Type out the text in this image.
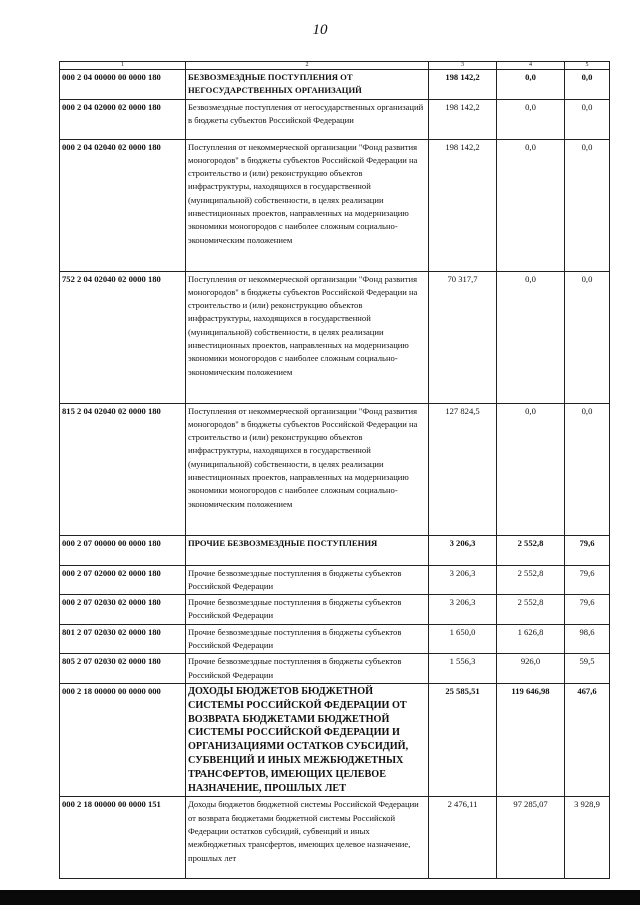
10
1	2	3	4	5
000 2 04 00000 00 0000 180	БЕЗВОЗМЕЗДНЫЕ ПОСТУПЛЕНИЯ ОТ НЕГОСУДАРСТВЕННЫХ ОРГАНИЗАЦИЙ	198 142,2	0,0	0,0
000 2 04 02000 02 0000 180	Безвозмездные поступления от негосударственных организаций в бюджеты субъектов Российской Федерации	198 142,2	0,0	0,0
000 2 04 02040 02 0000 180	Поступления от некоммерческой организации "Фонд развития моногородов" в бюджеты субъектов Российской Федерации на строительство и (или) реконструкцию объектов инфраструктуры, находящихся в государственной (муниципальной) собственности, в целях реализации инвестиционных проектов, направленных на модернизацию экономики моногородов с наиболее сложным социально-экономическим положением	198 142,2	0,0	0,0
752 2 04 02040 02 0000 180	Поступления от некоммерческой организации "Фонд развития моногородов" в бюджеты субъектов Российской Федерации на строительство и (или) реконструкцию объектов инфраструктуры, находящихся в государственной (муниципальной) собственности, в целях реализации инвестиционных проектов, направленных на модернизацию экономики моногородов с наиболее сложным социально-экономическим положением	70 317,7	0,0	0,0
815 2 04 02040 02 0000 180	Поступления от некоммерческой организации "Фонд развития моногородов" в бюджеты субъектов Российской Федерации на строительство и (или) реконструкцию объектов инфраструктуры, находящихся в государственной (муниципальной) собственности, в целях реализации инвестиционных проектов, направленных на модернизацию экономики моногородов с наиболее сложным социально-экономическим положением	127 824,5	0,0	0,0
000 2 07 00000 00 0000 180	ПРОЧИЕ БЕЗВОЗМЕЗДНЫЕ ПОСТУПЛЕНИЯ	3 206,3	2 552,8	79,6
000 2 07 02000 02 0000 180	Прочие безвозмездные поступления в бюджеты субъектов Российской Федерации	3 206,3	2 552,8	79,6
000 2 07 02030 02 0000 180	Прочие безвозмездные поступления в бюджеты субъектов Российской Федерации	3 206,3	2 552,8	79,6
801 2 07 02030 02 0000 180	Прочие безвозмездные поступления в бюджеты субъектов Российской Федерации	1 650,0	1 626,8	98,6
805 2 07 02030 02 0000 180	Прочие безвозмездные поступления в бюджеты субъектов Российской Федерации	1 556,3	926,0	59,5
000 2 18 00000 00 0000 000	ДОХОДЫ БЮДЖЕТОВ БЮДЖЕТНОЙ СИСТЕМЫ РОССИЙСКОЙ ФЕДЕРАЦИИ ОТ ВОЗВРАТА БЮДЖЕТАМИ БЮДЖЕТНОЙ СИСТЕМЫ РОССИЙСКОЙ ФЕДЕРАЦИИ И ОРГАНИЗАЦИЯМИ ОСТАТКОВ СУБСИДИЙ, СУБВЕНЦИЙ И ИНЫХ МЕЖБЮДЖЕТНЫХ ТРАНСФЕРТОВ, ИМЕЮЩИХ ЦЕЛЕВОЕ НАЗНАЧЕНИЕ, ПРОШЛЫХ ЛЕТ	25 585,51	119 646,98	467,6
000 2 18 00000 00 0000 151	Доходы бюджетов бюджетной системы Российской Федерации от возврата бюджетами бюджетной системы Российской Федерации остатков субсидий, субвенций и иных межбюджетных трансфертов, имеющих целевое назначение, прошлых лет	2 476,11	97 285,07	3 928,9
